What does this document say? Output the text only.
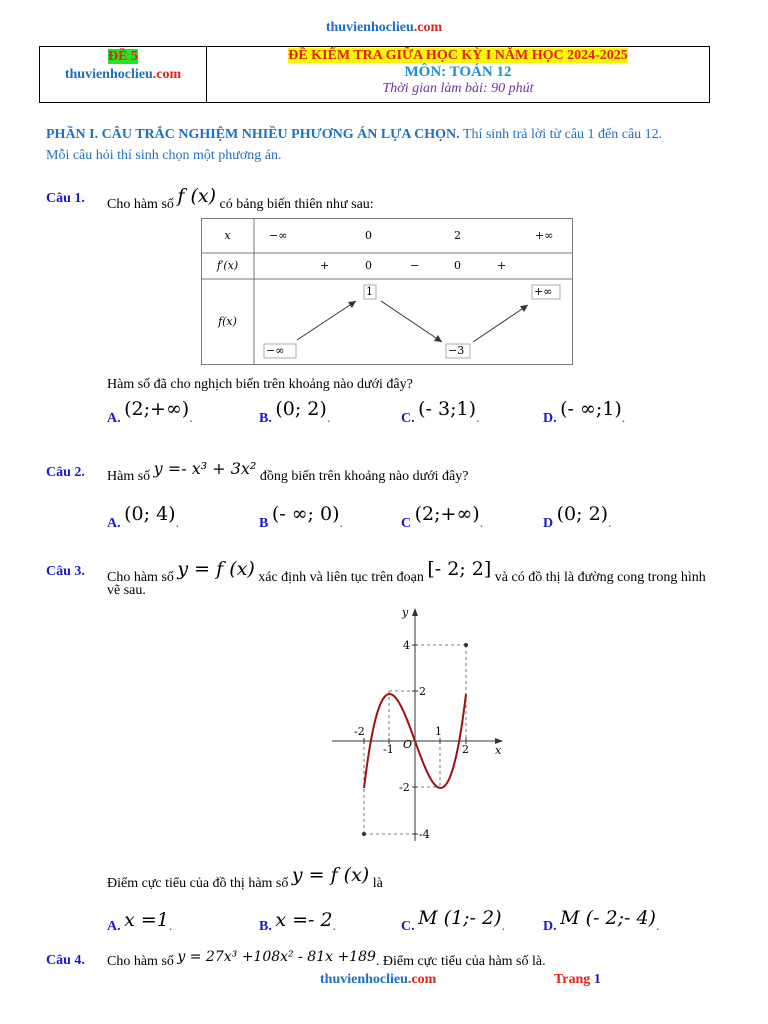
thuvienhoclieu.com
ĐỀ 5
thuvienhoclieu.com
ĐỀ KIỂM TRA GIỮA HỌC KỲ I NĂM HỌC 2024-2025
MÔN: TOÁN 12
Thời gian làm bài: 90 phút
PHẦN I. CÂU TRẮC NGHIỆM NHIỀU PHƯƠNG ÁN LỰA CHỌN. Thí sinh trả lời từ câu 1 đến câu 12.
Mỗi câu hỏi thí sinh chọn một phương án.
Câu 1. Cho hàm số f (x) có bảng biến thiên như sau:
x	−∞	0	2	+∞
f′(x)	+	0	−	0	+
f(x)
1	+∞
−∞	−3
Hàm số đã cho nghịch biến trên khoảng nào dưới đây?
A. (2;+∞).	B. (0; 2).	C. (- 3;1).	D. (- ∞;1).
Câu 2. Hàm số y =- x³ + 3x² đồng biến trên khoảng nào dưới đây?
A. (0; 4).	B (- ∞; 0).	C (2;+∞).	D (0; 2).
Câu 3. Cho hàm số y = f (x) xác định và liên tục trên đoạn [- 2; 2] và có đồ thị là đường cong trong hình
vẽ sau.
y
x
O
-2
-1
1
2
4
2
-2
-4
Điểm cực tiểu của đồ thị hàm số y = f (x) là
A. x =1.	B. x =- 2.	C. M (1;- 2).	D. M (- 2;- 4).
Câu 4. Cho hàm số y = 27x³ +108x² - 81x +189. Điểm cực tiểu của hàm số là.
thuvienhoclieu.com	Trang 1
